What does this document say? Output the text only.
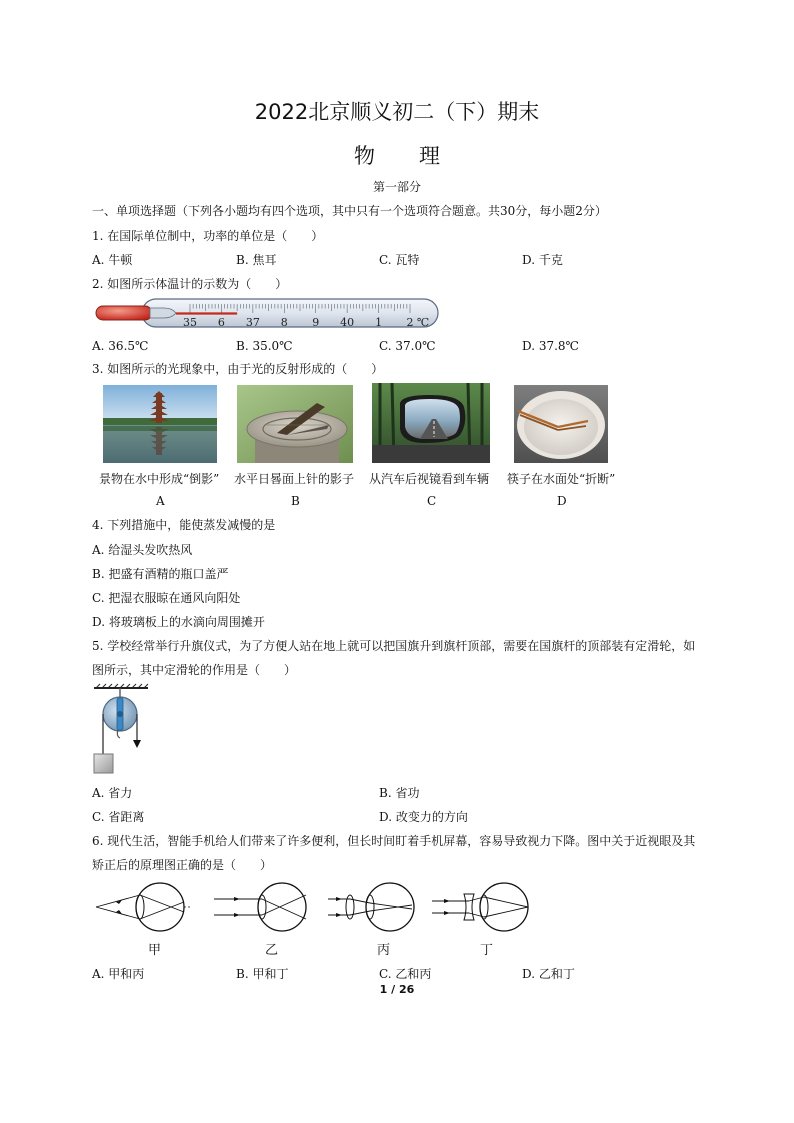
2022北京顺义初二（下）期末
物理
第一部分
一、单项选择题（下列各小题均有四个选项，其中只有一个选项符合题意。共30分，每小题2分）
1. 在国际单位制中，功率的单位是（　　）
A. 牛顿	B. 焦耳	C. 瓦特	D. 千克
2. 如图所示体温计的示数为（　　）
35 6 37 8 9 40 1 2 ℃
A. 36.5℃	B. 35.0℃	C. 37.0℃	D. 37.8℃
3. 如图所示的光现象中，由于光的反射形成的（　　）
景物在水中形成“倒影” 水平日晷面上针的影子 从汽车后视镜看到车辆 筷子在水面处“折断”
A	B	C	D
4. 下列措施中，能使蒸发减慢的是
A. 给湿头发吹热风
B. 把盛有酒精的瓶口盖严
C. 把湿衣服晾在通风向阳处
D. 将玻璃板上的水滴向周围摊开
5. 学校经常举行升旗仪式，为了方便人站在地上就可以把国旗升到旗杆顶部，需要在国旗杆的顶部装有定滑轮，如
图所示，其中定滑轮的作用是（　　）
A. 省力	B. 省功
C. 省距离	D. 改变力的方向
6. 现代生活，智能手机给人们带来了许多便利，但长时间盯着手机屏幕，容易导致视力下降。图中关于近视眼及其
矫正后的原理图正确的是（　　）
甲	乙	丙	丁
A. 甲和丙	B. 甲和丁	C. 乙和丙	D. 乙和丁
1 / 26
